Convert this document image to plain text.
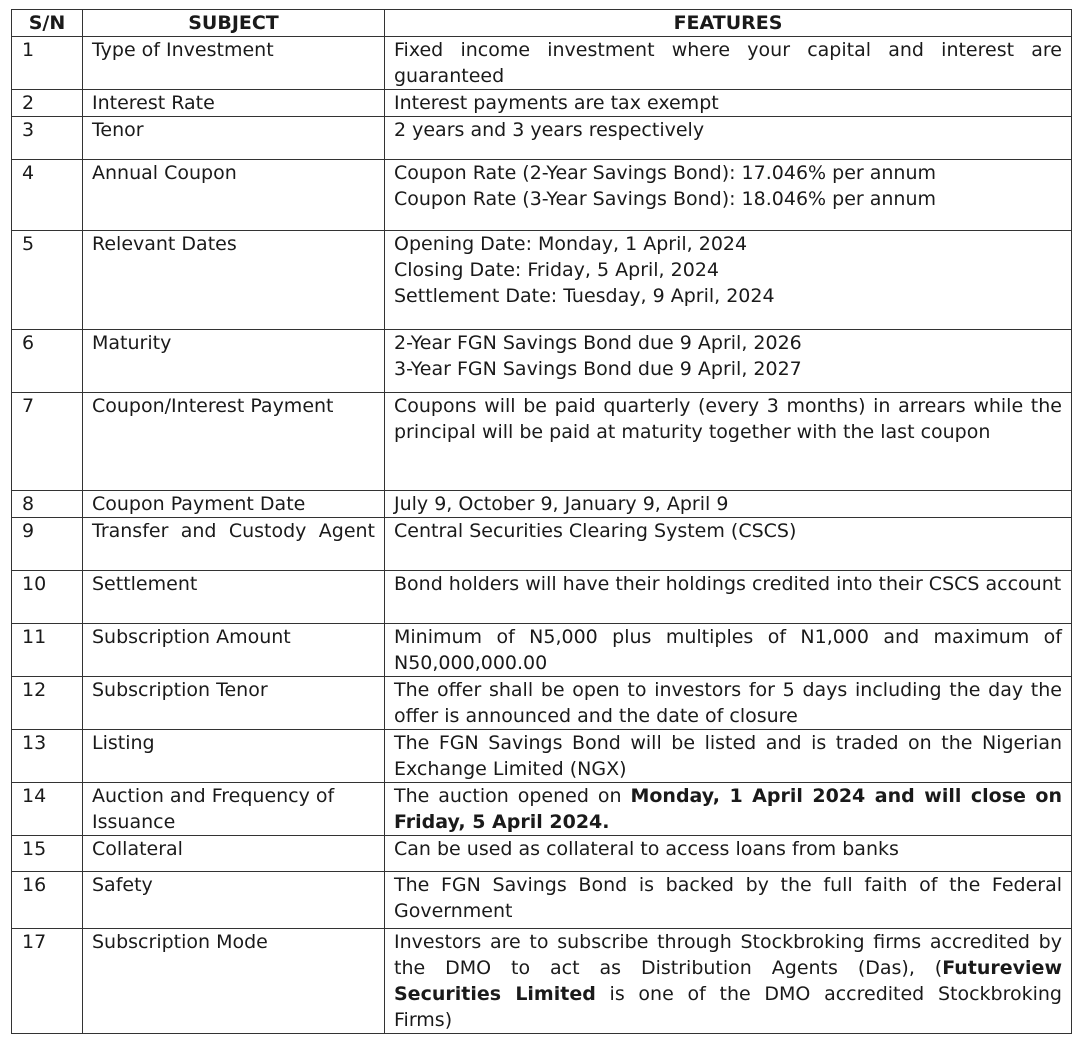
S/N	SUBJECT	FEATURES
1	Type of Investment	Fixed income investment where your capital and interest are guaranteed
2	Interest Rate	Interest payments are tax exempt
3	Tenor	2 years and 3 years respectively
4	Annual Coupon	Coupon Rate (2-Year Savings Bond): 17.046% per annum
Coupon Rate (3-Year Savings Bond): 18.046% per annum

5	Relevant Dates	Opening Date: Monday, 1 April, 2024
Closing Date: Friday, 5 April, 2024
Settlement Date: Tuesday, 9 April, 2024

6	Maturity	2-Year FGN Savings Bond due 9 April, 2026
3-Year FGN Savings Bond due 9 April, 2027

7	Coupon/Interest Payment	Coupons will be paid quarterly (every 3 months) in arrears while the principal will be paid at maturity together with the last coupon
8	Coupon Payment Date	July 9, October 9, January 9, April 9
9	Transfer and Custody Agent	Central Securities Clearing System (CSCS)
10	Settlement	Bond holders will have their holdings credited into their CSCS account
11	Subscription Amount	Minimum of N5,000 plus multiples of N1,000 and maximum of N50,000,000.00
12	Subscription Tenor	The offer shall be open to investors for 5 days including the day the offer is announced and the date of closure
13	Listing	The FGN Savings Bond will be listed and is traded on the Nigerian Exchange Limited (NGX)
14	Auction and Frequency of Issuance	The auction opened on Monday, 1 April 2024 and will close on Friday, 5 April 2024.
15	Collateral	Can be used as collateral to access loans from banks
16	Safety	The FGN Savings Bond is backed by the full faith of the Federal Government
17	Subscription Mode	Investors are to subscribe through Stockbroking firms accredited by the DMO to act as Distribution Agents (Das), (Futureview Securities Limited is one of the DMO accredited Stockbroking Firms)
